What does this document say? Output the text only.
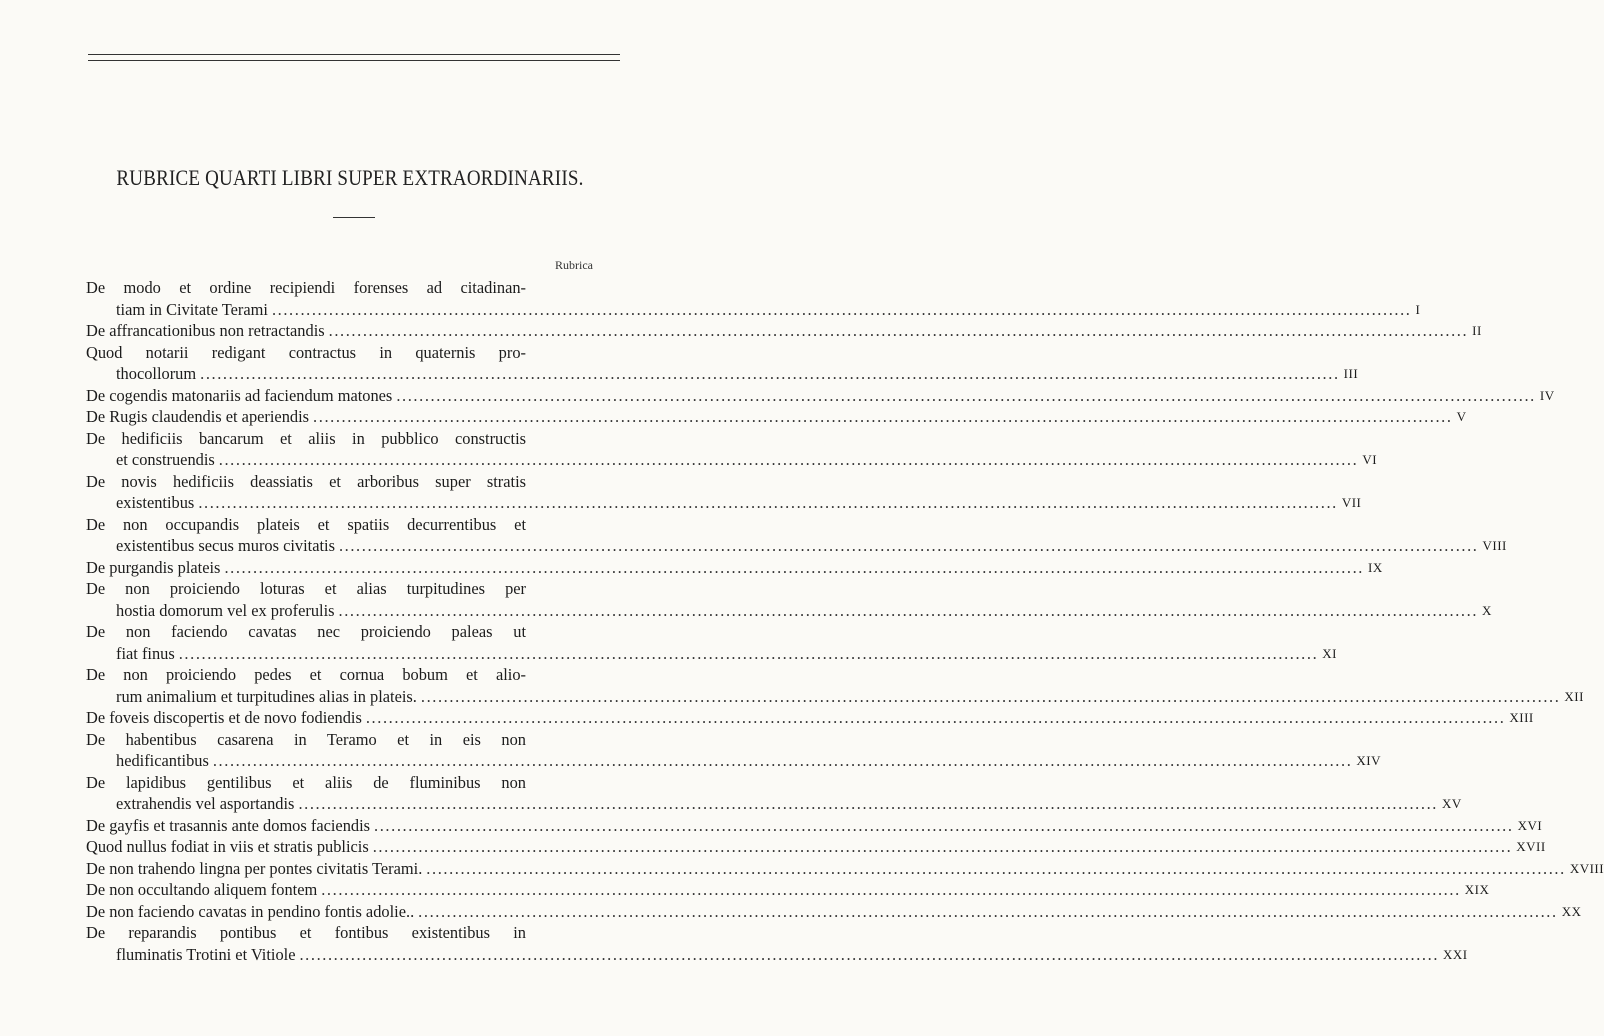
RUBRICE QUARTI LIBRI SUPER EXTRAORDINARIIS.
Rubrica
De modo et ordine recipiendi forenses ad citadinan-
tiam in Civitate Terami ........................................................................................................................................................................................................ I
De affrancationibus non retractandis ........................................................................................................................................................................................................ II
Quod notarii redigant contractus in quaternis pro-
thocollorum ........................................................................................................................................................................................................ III
De cogendis matonariis ad faciendum matones ........................................................................................................................................................................................................ IV
De Rugis claudendis et aperiendis ........................................................................................................................................................................................................ V
De hedificiis bancarum et aliis in pubblico constructis
et construendis ........................................................................................................................................................................................................ VI
De novis hedificiis deassiatis et arboribus super stratis
existentibus ........................................................................................................................................................................................................ VII
De non occupandis plateis et spatiis decurrentibus et
existentibus secus muros civitatis ........................................................................................................................................................................................................ VIII
De purgandis plateis ........................................................................................................................................................................................................ IX
De non proiciendo loturas et alias turpitudines per
hostia domorum vel ex proferulis ........................................................................................................................................................................................................ X
De non faciendo cavatas nec proiciendo paleas ut
fiat finus ........................................................................................................................................................................................................ XI
De non proiciendo pedes et cornua bobum et alio-
rum animalium et turpitudines alias in plateis. ........................................................................................................................................................................................................ XII
De foveis discopertis et de novo fodiendis ........................................................................................................................................................................................................ XIII
De habentibus casarena in Teramo et in eis non
hedificantibus ........................................................................................................................................................................................................ XIV
De lapidibus gentilibus et aliis de fluminibus non
extrahendis vel asportandis ........................................................................................................................................................................................................ XV
De gayfis et trasannis ante domos faciendis ........................................................................................................................................................................................................ XVI
Quod nullus fodiat in viis et stratis publicis ........................................................................................................................................................................................................ XVII
De non trahendo lingna per pontes civitatis Terami. ........................................................................................................................................................................................................ XVIII
De non occultando aliquem fontem ........................................................................................................................................................................................................ XIX
De non faciendo cavatas in pendino fontis adolie.. ........................................................................................................................................................................................................ XX
De reparandis pontibus et fontibus existentibus in
fluminatis Trotini et Vitiole ........................................................................................................................................................................................................ XXI
